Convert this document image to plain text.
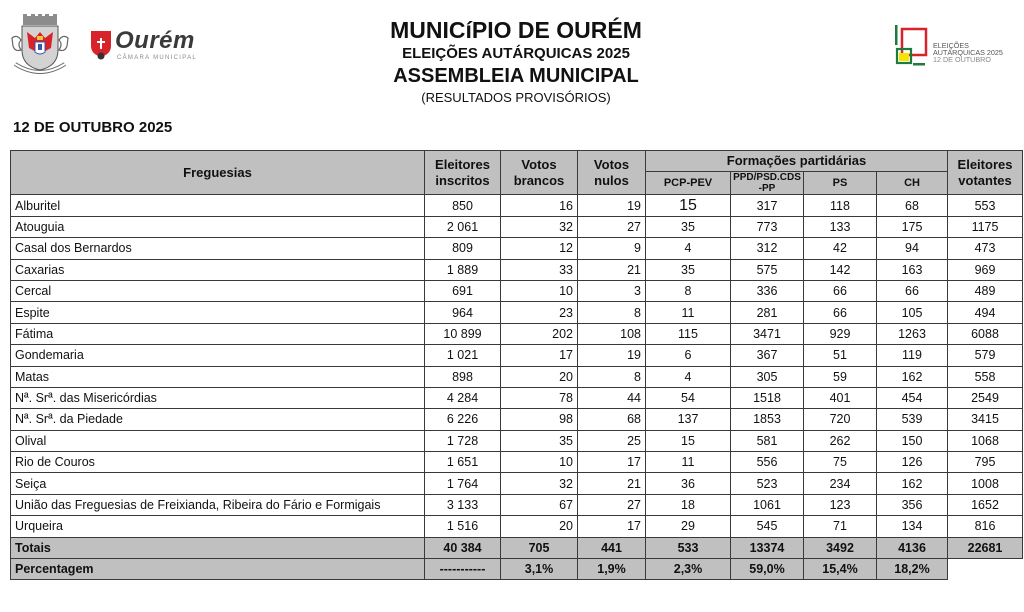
Ourém
CÂMARA MUNICIPAL
MUNICíPIO DE OURÉM
ELEIÇÕES AUTÁRQUICAS 2025
ASSEMBLEIA MUNICIPAL
(RESULTADOS PROVISÓRIOS)
ELEIÇÕES
AUTÁRQUICAS 2025
12 DE OUTUBRO
12 DE OUTUBRO 2025
Freguesias	Eleitores inscritos	Votos brancos	Votos nulos	Formações partidárias				Eleitores votantes
				PCP-PEV	PPD/PSD.CDS-PP	PS	CH	
Alburitel	850	16	19	15	317	118	68	553
Atouguia	2 061	32	27	35	773	133	175	1175
Casal dos Bernardos	809	12	9	4	312	42	94	473
Caxarias	1 889	33	21	35	575	142	163	969
Cercal	691	10	3	8	336	66	66	489
Espite	964	23	8	11	281	66	105	494
Fátima	10 899	202	108	115	3471	929	1263	6088
Gondemaria	1 021	17	19	6	367	51	119	579
Matas	898	20	8	4	305	59	162	558
Nª. Srª. das Misericórdias	4 284	78	44	54	1518	401	454	2549
Nª. Srª. da Piedade	6 226	98	68	137	1853	720	539	3415
Olival	1 728	35	25	15	581	262	150	1068
Rio de Couros	1 651	10	17	11	556	75	126	795
Seiça	1 764	32	21	36	523	234	162	1008
União das Freguesias de Freixianda, Ribeira do Fário e Formigais	3 133	67	27	18	1061	123	356	1652
Urqueira	1 516	20	17	29	545	71	134	816
Totais	40 384	705	441	533	13374	3492	4136	22681
Percentagem	-----------	3,1%	1,9%	2,3%	59,0%	15,4%	18,2%	
